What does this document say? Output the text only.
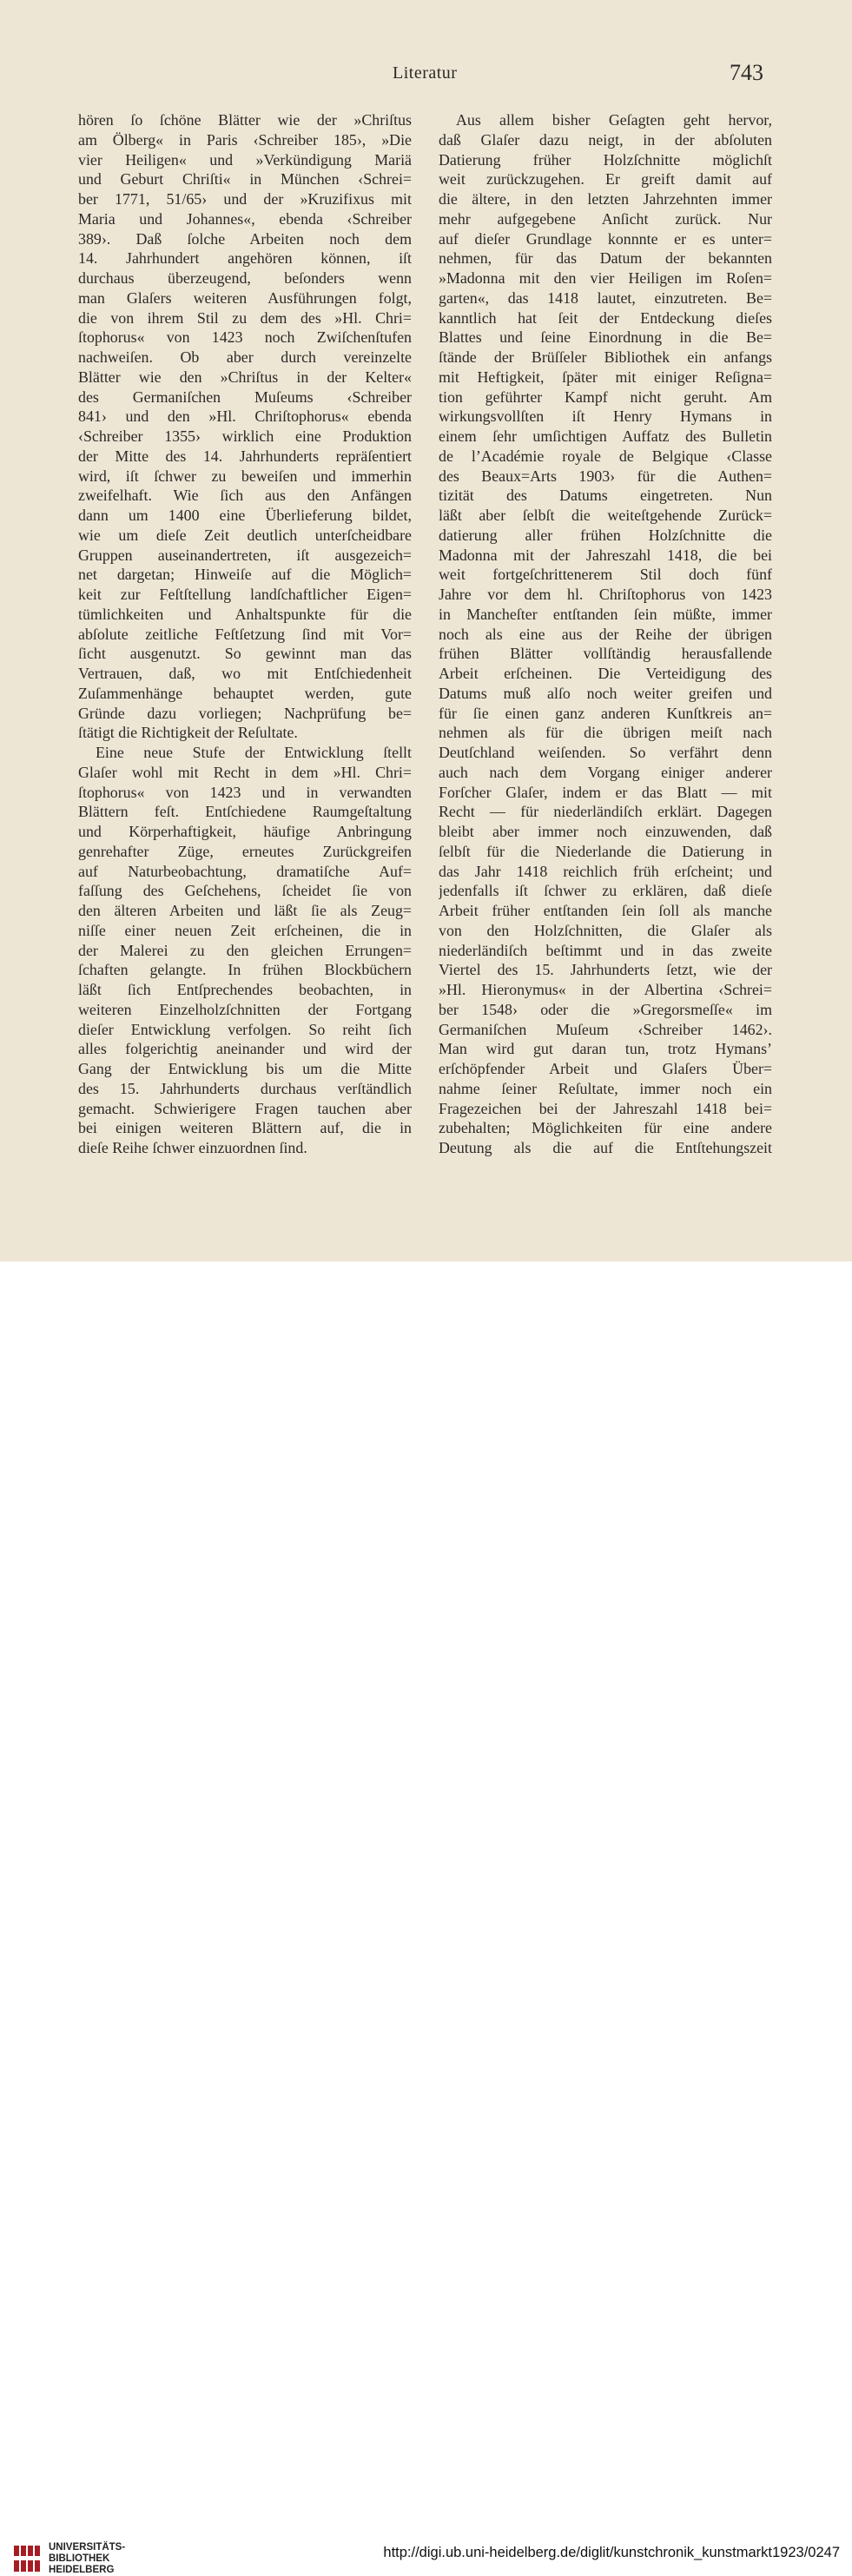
Literatur	743
hören ſo ſchöne Blätter wie der »Chriſtus
am Ölberg« in Paris ‹Schreiber 185›, »Die
vier Heiligen« und »Verkündigung Mariä
und Geburt Chriſti« in München ‹Schrei=
ber 1771, 51/65› und der »Kruzifixus mit
Maria und Johannes«, ebenda ‹Schreiber
389›. Daß ſolche Arbeiten noch dem
14. Jahrhundert angehören können, iſt
durchaus überzeugend, beſonders wenn
man Glaſers weiteren Ausführungen folgt,
die von ihrem Stil zu dem des »Hl. Chri=
ſtophorus« von 1423 noch Zwiſchenſtufen
nachweiſen. Ob aber durch vereinzelte
Blätter wie den »Chriſtus in der Kelter«
des Germaniſchen Muſeums ‹Schreiber
841› und den »Hl. Chriſtophorus« ebenda
‹Schreiber 1355› wirklich eine Produktion
der Mitte des 14. Jahrhunderts repräſentiert
wird, iſt ſchwer zu beweiſen und immerhin
zweifelhaft. Wie ſich aus den Anfängen
dann um 1400 eine Überlieferung bildet,
wie um dieſe Zeit deutlich unterſcheidbare
Gruppen auseinandertreten, iſt ausgezeich=
net dargetan; Hinweiſe auf die Möglich=
keit zur Feſtſtellung landſchaftlicher Eigen=
tümlichkeiten und Anhaltspunkte für die
abſolute zeitliche Feſtſetzung ſind mit Vor=
ſicht ausgenutzt. So gewinnt man das
Vertrauen, daß, wo mit Entſchiedenheit
Zuſammenhänge behauptet werden, gute
Gründe dazu vorliegen; Nachprüfung be=
ſtätigt die Richtigkeit der Reſultate.
Eine neue Stufe der Entwicklung ſtellt
Glaſer wohl mit Recht in dem »Hl. Chri=
ſtophorus« von 1423 und in verwandten
Blättern feſt. Entſchiedene Raumgeſtaltung
und Körperhaftigkeit, häufige Anbringung
genrehafter Züge, erneutes Zurückgreifen
auf Naturbeobachtung, dramatiſche Auf=
faſſung des Geſchehens, ſcheidet ſie von
den älteren Arbeiten und läßt ſie als Zeug=
niſſe einer neuen Zeit erſcheinen, die in
der Malerei zu den gleichen Errungen=
ſchaften gelangte. In frühen Blockbüchern
läßt ſich Entſprechendes beobachten, in
weiteren Einzelholzſchnitten der Fortgang
dieſer Entwicklung verfolgen. So reiht ſich
alles folgerichtig aneinander und wird der
Gang der Entwicklung bis um die Mitte
des 15. Jahrhunderts durchaus verſtändlich
gemacht. Schwierigere Fragen tauchen aber
bei einigen weiteren Blättern auf, die in
dieſe Reihe ſchwer einzuordnen ſind.
Aus allem bisher Geſagten geht hervor,
daß Glaſer dazu neigt, in der abſoluten
Datierung früher Holzſchnitte möglichſt
weit zurückzugehen. Er greift damit auf
die ältere, in den letzten Jahrzehnten immer
mehr aufgegebene Anſicht zurück. Nur
auf dieſer Grundlage konnnte er es unter=
nehmen, für das Datum der bekannten
»Madonna mit den vier Heiligen im Roſen=
garten«, das 1418 lautet, einzutreten. Be=
kanntlich hat ſeit der Entdeckung dieſes
Blattes und ſeine Einordnung in die Be=
ſtände der Brüſſeler Bibliothek ein anfangs
mit Heftigkeit, ſpäter mit einiger Reſigna=
tion geführter Kampf nicht geruht. Am
wirkungsvollſten iſt Henry Hymans in
einem ſehr umſichtigen Auffatz des Bulletin
de l’Académie royale de Belgique ‹Classe
des Beaux=Arts 1903› für die Authen=
tizität des Datums eingetreten. Nun
läßt aber ſelbſt die weiteſtgehende Zurück=
datierung aller frühen Holzſchnitte die
Madonna mit der Jahreszahl 1418, die bei
weit fortgeſchrittenerem Stil doch fünf
Jahre vor dem hl. Chriſtophorus von 1423
in Mancheſter entſtanden ſein müßte, immer
noch als eine aus der Reihe der übrigen
frühen Blätter vollſtändig herausfallende
Arbeit erſcheinen. Die Verteidigung des
Datums muß alſo noch weiter greifen und
für ſie einen ganz anderen Kunſtkreis an=
nehmen als für die übrigen meiſt nach
Deutſchland weiſenden. So verfährt denn
auch nach dem Vorgang einiger anderer
Forſcher Glaſer, indem er das Blatt — mit
Recht — für niederländiſch erklärt. Dagegen
bleibt aber immer noch einzuwenden, daß
ſelbſt für die Niederlande die Datierung in
das Jahr 1418 reichlich früh erſcheint; und
jedenfalls iſt ſchwer zu erklären, daß dieſe
Arbeit früher entſtanden ſein ſoll als manche
von den Holzſchnitten, die Glaſer als
niederländiſch beſtimmt und in das zweite
Viertel des 15. Jahrhunderts ſetzt, wie der
»Hl. Hieronymus« in der Albertina ‹Schrei=
ber 1548› oder die »Gregorsmeſſe« im
Germaniſchen Muſeum ‹Schreiber 1462›.
Man wird gut daran tun, trotz Hymans’
erſchöpfender Arbeit und Glaſers Über=
nahme ſeiner Reſultate, immer noch ein
Fragezeichen bei der Jahreszahl 1418 bei=
zubehalten; Möglichkeiten für eine andere
Deutung als die auf die Entſtehungszeit
UNIVERSITÄTS-
BIBLIOTHEK
HEIDELBERG
http://digi.ub.uni-heidelberg.de/diglit/kunstchronik_kunstmarkt1923/0247
